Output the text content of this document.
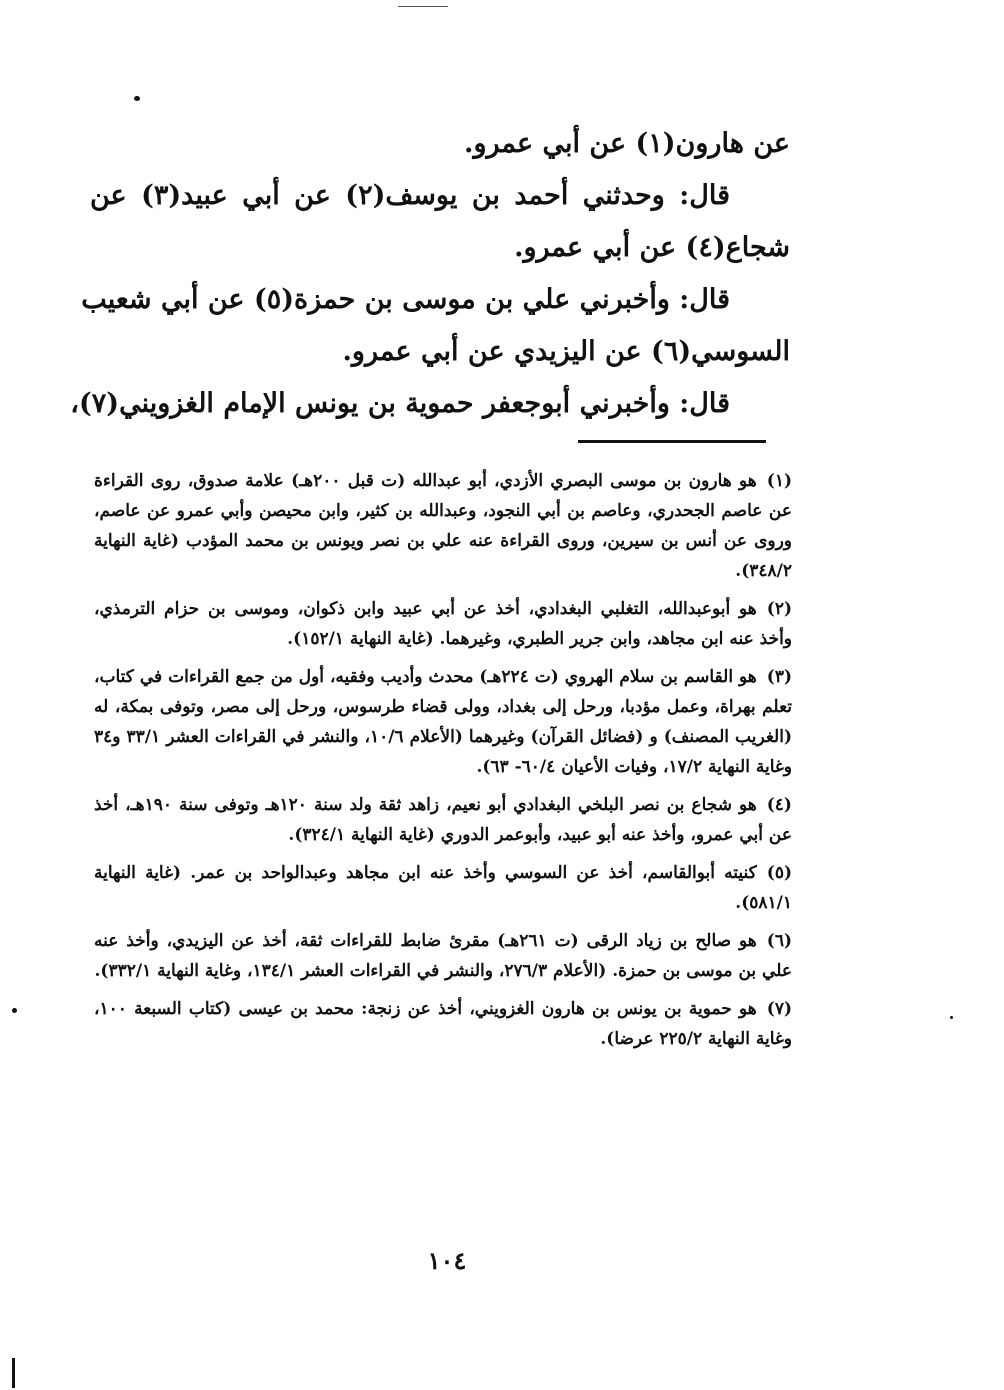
عن هارون(١) عن أبي عمرو.

قال: وحدثني أحمد بن يوسف(٢) عن أبي عبيد(٣) عن

شجاع(٤) عن أبي عمرو.

قال: وأخبرني علي بن موسى بن حمزة(٥) عن أبي شعيب

السوسي(٦) عن اليزيدي عن أبي عمرو.

قال: وأخبرني أبوجعفر حموية بن يونس الإمام الغزويني(٧)،

(١)هو هارون بن موسى البصري الأزدي، أبو عبدالله (ت قبل ٢٠٠هـ) علامة صدوق، روى القراءة عن عاصم الجحدري، وعاصم بن أبي النجود، وعبدالله بن كثير، وابن محيصن وأبي عمرو عن عاصم، وروى عن أنس بن سيرين، وروى القراءة عنه علي بن نصر ويونس بن محمد المؤدب (غاية النهاية ٣٤٨/٢).

(٢)هو أبوعبدالله، التغلبي البغدادي، أخذ عن أبي عبيد وابن ذكوان، وموسى بن حزام الترمذي، وأخذ عنه ابن مجاهد، وابن جرير الطبري، وغيرهما. (غاية النهاية ١٥٢/١).

(٣)هو القاسم بن سلام الهروي (ت ٢٢٤هـ) محدث وأديب وفقيه، أول من جمع القراءات في كتاب، تعلم بهراة، وعمل مؤدبا، ورحل إلى بغداد، وولى قضاء طرسوس، ورحل إلى مصر، وتوفى بمكة، له (الغريب المصنف) و (فضائل القرآن) وغيرهما (الأعلام ١٠/٦، والنشر في القراءات العشر ٣٣/١ و٣٤ وغاية النهاية ١٧/٢، وفيات الأعيان ٦٠/٤- ٦٣).

(٤)هو شجاع بن نصر البلخي البغدادي أبو نعيم، زاهد ثقة ولد سنة ١٢٠هـ وتوفى سنة ١٩٠هـ، أخذ عن أبي عمرو، وأخذ عنه أبو عبيد، وأبوعمر الدوري (غاية النهاية ٣٢٤/١).

(٥)كنيته أبوالقاسم، أخذ عن السوسي وأخذ عنه ابن مجاهد وعبدالواحد بن عمر. (غاية النهاية ٥٨١/١).

(٦)هو صالح بن زياد الرقى (ت ٢٦١هـ) مقرئ ضابط للقراءات ثقة، أخذ عن اليزيدي، وأخذ عنه علي بن موسى بن حمزة. (الأعلام ٢٧٦/٣، والنشر في القراءات العشر ١٣٤/١، وغاية النهاية ٣٣٢/١).

(٧)هو حموية بن يونس بن هارون الغزويني، أخذ عن زنجة: محمد بن عيسى (كتاب السبعة ١٠٠، وغاية النهاية ٢٢٥/٢ عرضا).

١٠٤
